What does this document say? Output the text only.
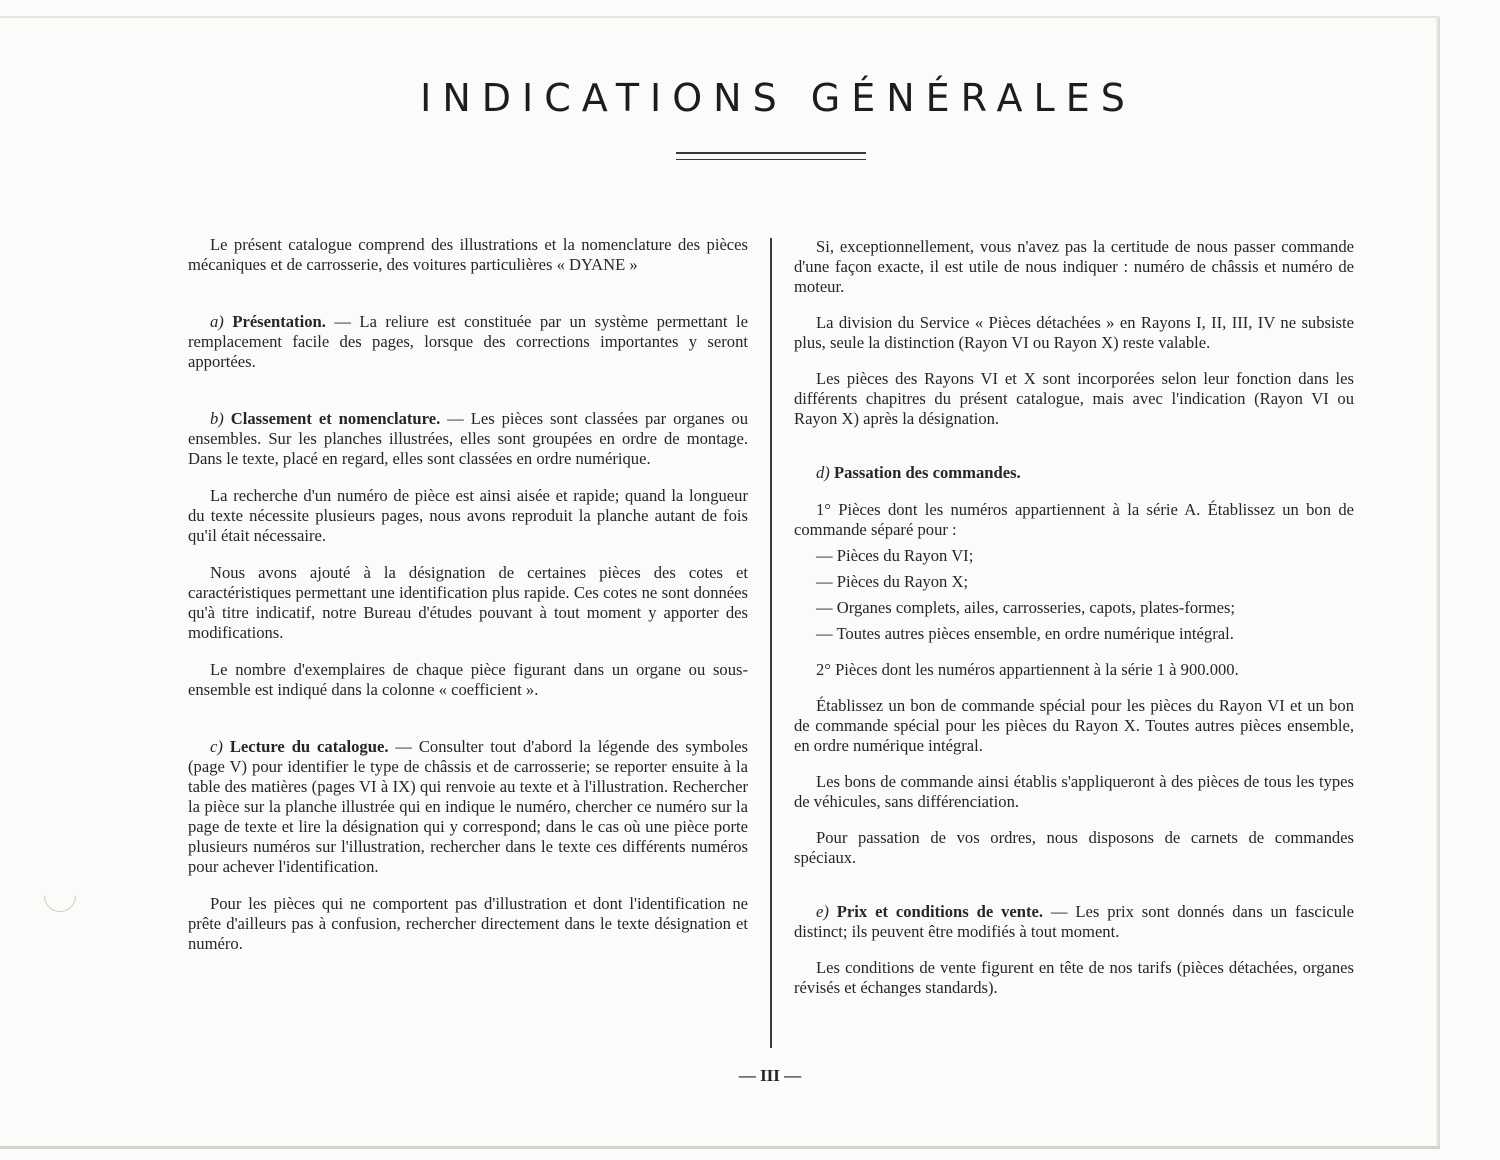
INDICATIONS GÉNÉRALES

Le présent catalogue comprend des illustrations et la nomenclature des pièces mécaniques et de carrosserie, des voitures particulières « DYANE »

a) Présentation. — La reliure est constituée par un système permettant le remplacement facile des pages, lorsque des corrections importantes y seront apportées.

b) Classement et nomenclature. — Les pièces sont classées par organes ou ensembles. Sur les planches illustrées, elles sont groupées en ordre de montage. Dans le texte, placé en regard, elles sont classées en ordre numérique.

La recherche d'un numéro de pièce est ainsi aisée et rapide; quand la longueur du texte nécessite plusieurs pages, nous avons reproduit la planche autant de fois qu'il était nécessaire.

Nous avons ajouté à la désignation de certaines pièces des cotes et caractéristiques permettant une identification plus rapide. Ces cotes ne sont données qu'à titre indicatif, notre Bureau d'études pouvant à tout moment y apporter des modifications.

Le nombre d'exemplaires de chaque pièce figurant dans un organe ou sous-ensemble est indiqué dans la colonne « coefficient ».

c) Lecture du catalogue. — Consulter tout d'abord la légende des symboles (page V) pour identifier le type de châssis et de carrosserie; se reporter ensuite à la table des matières (pages VI à IX) qui renvoie au texte et à l'illustration. Rechercher la pièce sur la planche illustrée qui en indique le numéro, chercher ce numéro sur la page de texte et lire la désignation qui y correspond; dans le cas où une pièce porte plusieurs numéros sur l'illustration, rechercher dans le texte ces différents numéros pour achever l'identification.

Pour les pièces qui ne comportent pas d'illustration et dont l'identification ne prête d'ailleurs pas à confusion, rechercher directement dans le texte désignation et numéro.

Si, exceptionnellement, vous n'avez pas la certitude de nous passer commande d'une façon exacte, il est utile de nous indiquer : numéro de châssis et numéro de moteur.

La division du Service « Pièces détachées » en Rayons I, II, III, IV ne subsiste plus, seule la distinction (Rayon VI ou Rayon X) reste valable.

Les pièces des Rayons VI et X sont incorporées selon leur fonction dans les différents chapitres du présent catalogue, mais avec l'indication (Rayon VI ou Rayon X) après la désignation.

d) Passation des commandes.

1° Pièces dont les numéros appartiennent à la série A. Établissez un bon de commande séparé pour :

— Pièces du Rayon VI;
— Pièces du Rayon X;
— Organes complets, ailes, carrosseries, capots, plates-formes;
— Toutes autres pièces ensemble, en ordre numérique intégral.

2° Pièces dont les numéros appartiennent à la série 1 à 900.000.

Établissez un bon de commande spécial pour les pièces du Rayon VI et un bon de commande spécial pour les pièces du Rayon X. Toutes autres pièces ensemble, en ordre numérique intégral.

Les bons de commande ainsi établis s'appliqueront à des pièces de tous les types de véhicules, sans différenciation.

Pour passation de vos ordres, nous disposons de carnets de commandes spéciaux.

e) Prix et conditions de vente. — Les prix sont donnés dans un fascicule distinct; ils peuvent être modifiés à tout moment.

Les conditions de vente figurent en tête de nos tarifs (pièces détachées, organes révisés et échanges standards).

— III —
